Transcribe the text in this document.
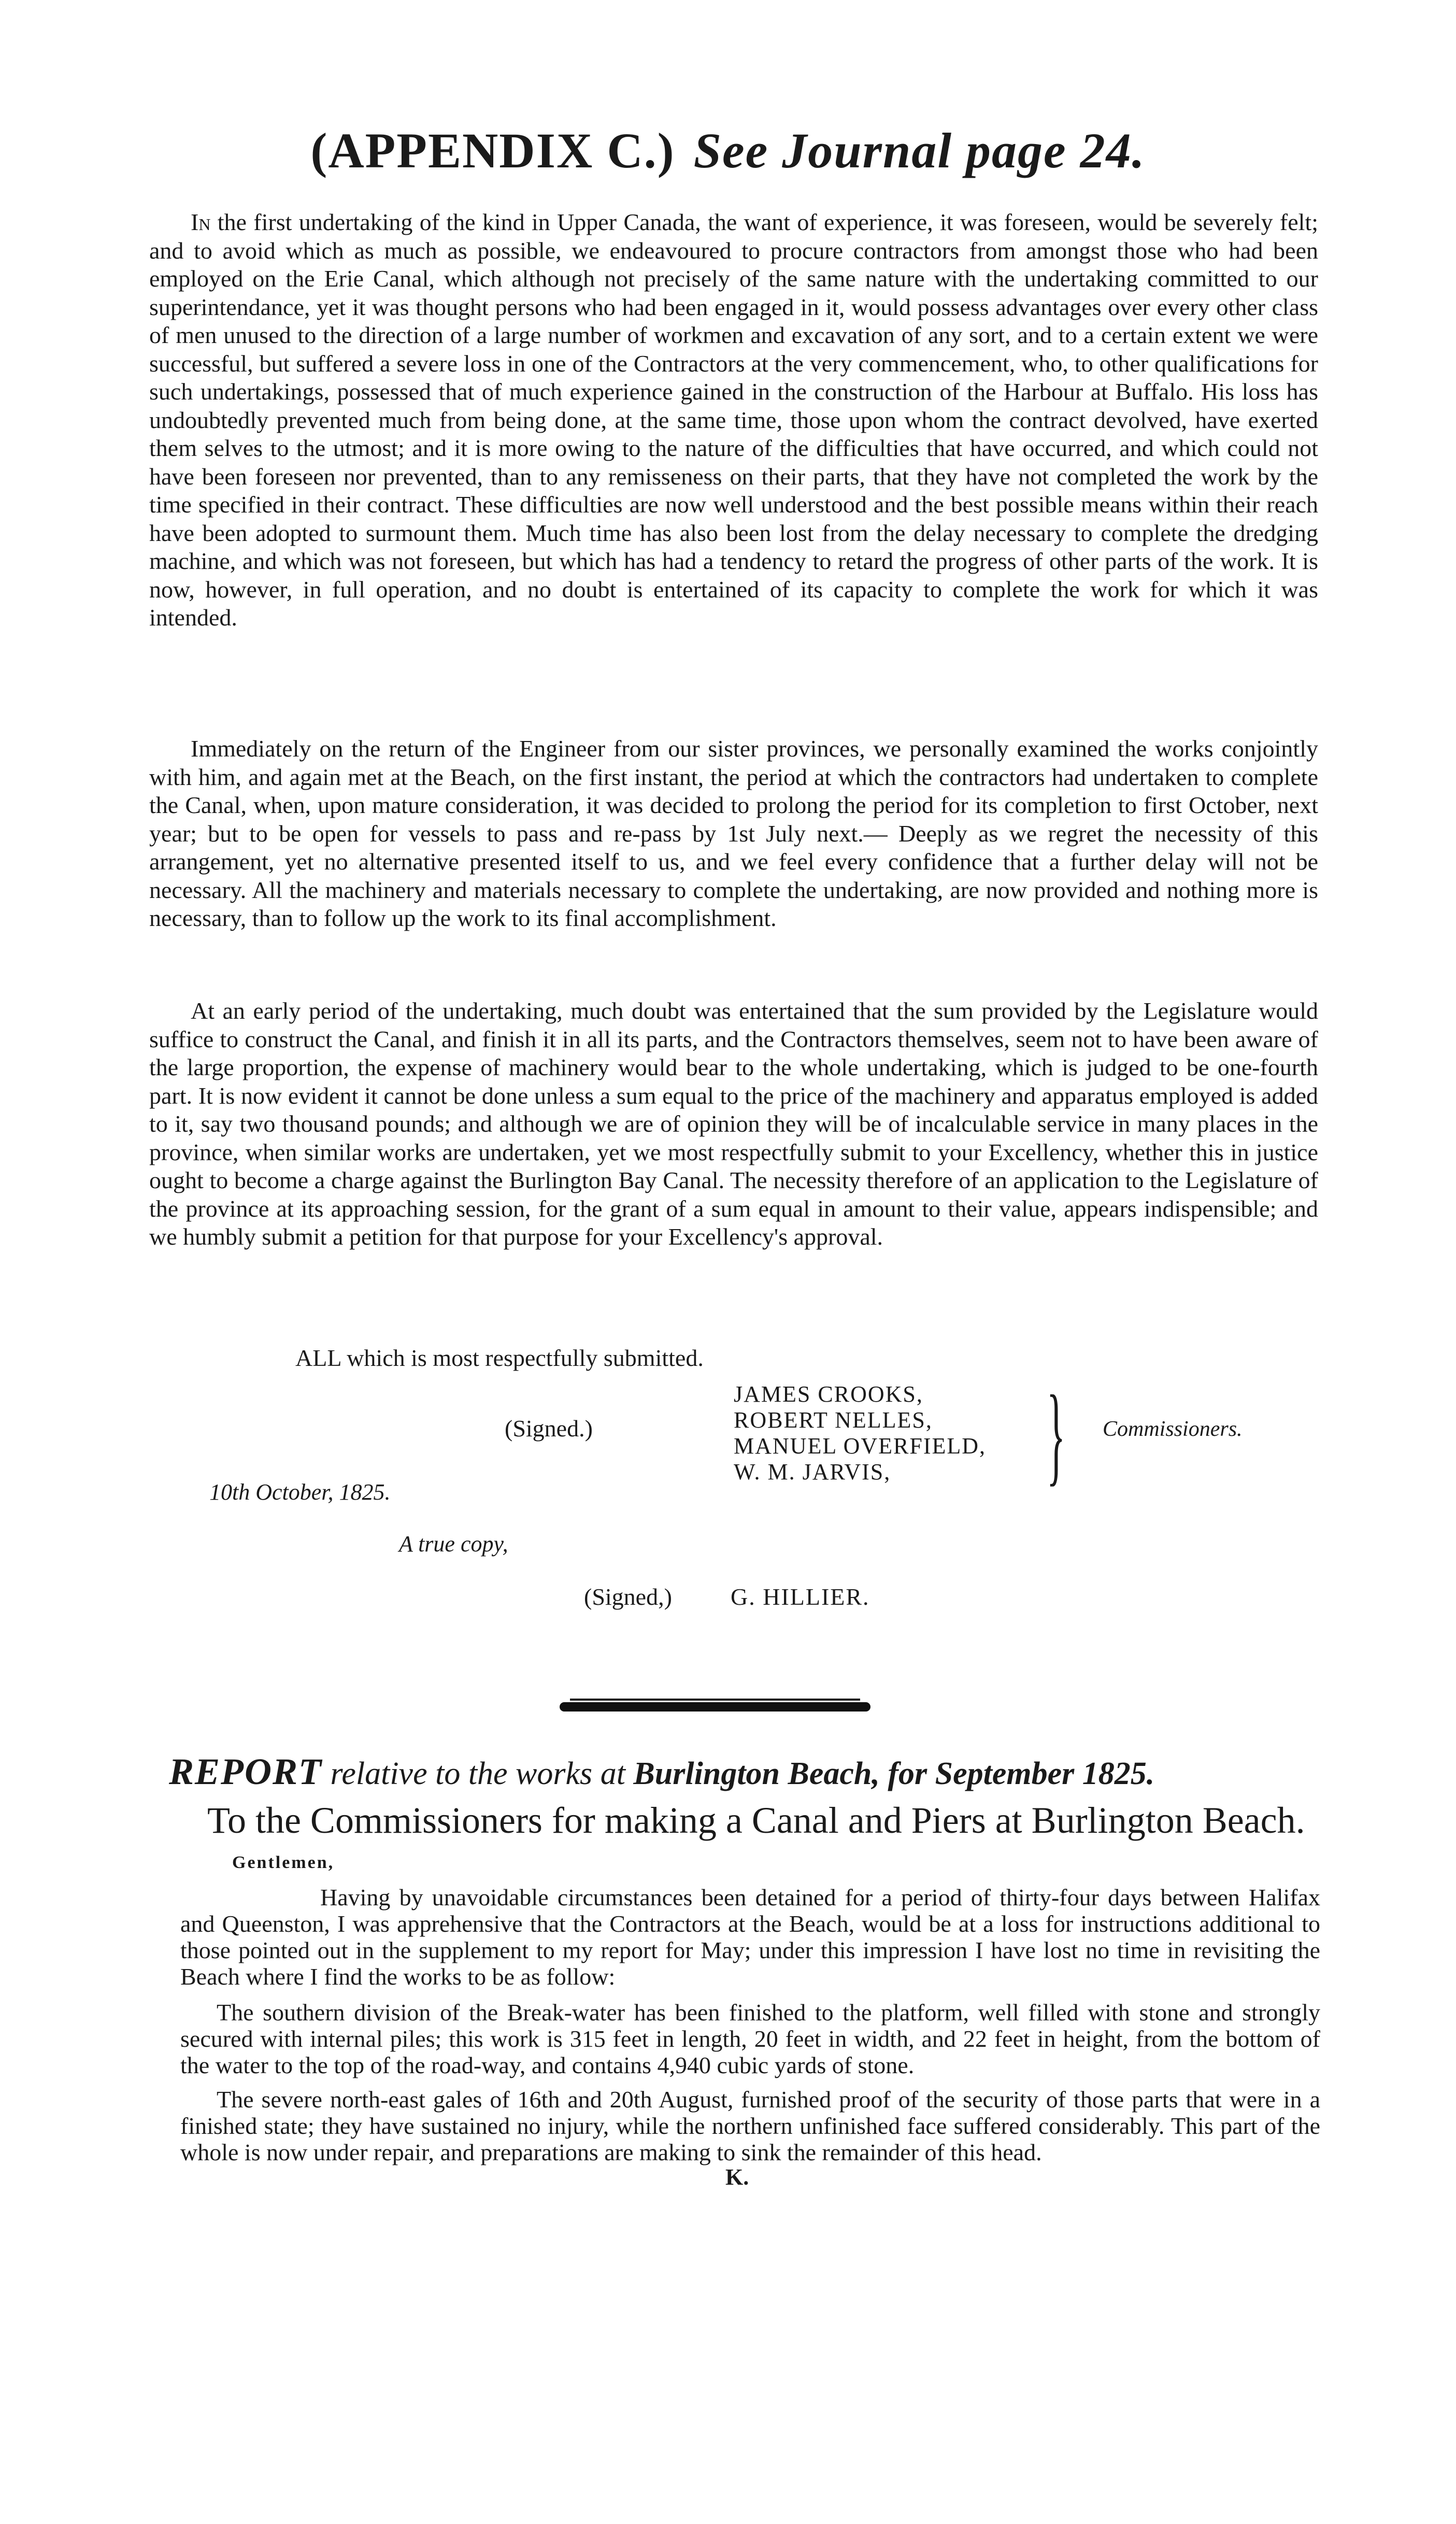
(APPENDIX C.) See Journal page 24.

In the first undertaking of the kind in Upper Canada, the want of experience, it was foreseen, would be severely felt; and to avoid which as much as possible, we endeavoured to procure contractors from amongst those who had been employed on the Erie Canal, which although not precisely of the same nature with the undertaking committed to our superintendance, yet it was thought persons who had been engaged in it, would possess advantages over every other class of men unused to the direction of a large number of workmen and excavation of any sort, and to a certain extent we were successful, but suffered a severe loss in one of the Contractors at the very commencement, who, to other qualifications for such undertakings, possessed that of much experience gained in the construction of the Harbour at Buffalo. His loss has undoubtedly prevented much from being done, at the same time, those upon whom the contract devolved, have exerted them selves to the utmost; and it is more owing to the nature of the difficulties that have occurred, and which could not have been foreseen nor prevented, than to any remisseness on their parts, that they have not completed the work by the time specified in their contract. These difficulties are now well understood and the best possible means within their reach have been adopted to surmount them. Much time has also been lost from the delay necessary to complete the dredging machine, and which was not foreseen, but which has had a tendency to retard the progress of other parts of the work. It is now, however, in full operation, and no doubt is entertained of its capacity to complete the work for which it was intended.

Immediately on the return of the Engineer from our sister provinces, we personally examined the works conjointly with him, and again met at the Beach, on the first instant, the period at which the contractors had undertaken to complete the Canal, when, upon mature consideration, it was decided to prolong the period for its completion to first October, next year; but to be open for vessels to pass and re-pass by 1st July next.— Deeply as we regret the necessity of this arrangement, yet no alternative presented itself to us, and we feel every confidence that a further delay will not be necessary. All the machinery and materials necessary to complete the undertaking, are now provided and nothing more is necessary, than to follow up the work to its final accomplishment.

At an early period of the undertaking, much doubt was entertained that the sum provided by the Legislature would suffice to construct the Canal, and finish it in all its parts, and the Contractors themselves, seem not to have been aware of the large proportion, the expense of machinery would bear to the whole undertaking, which is judged to be one-fourth part. It is now evident it cannot be done unless a sum equal to the price of the machinery and apparatus employed is added to it, say two thousand pounds; and although we are of opinion they will be of incalculable service in many places in the province, when similar works are undertaken, yet we most respectfully submit to your Excellency, whether this in justice ought to become a charge against the Burlington Bay Canal. The necessity therefore of an application to the Legislature of the province at its approaching session, for the grant of a sum equal in amount to their value, appears indispensible; and we humbly submit a petition for that purpose for your Excellency's approval.

ALL which is most respectfully submitted.
(Signed.)
JAMES CROOKS,
ROBERT NELLES,
MANUEL OVERFIELD,
W. M. JARVIS,	} Commissioners.
10th October, 1825.
A true copy,
(Signed,) G. HILLIER.
REPORT relative to the works at Burlington Beach, for September 1825.
To the Commissioners for making a Canal and Piers at Burlington Beach.
Gentlemen,

Having by unavoidable circumstances been detained for a period of thirty-four days between Halifax and Queenston, I was apprehensive that the Contractors at the Beach, would be at a loss for instructions additional to those pointed out in the supplement to my report for May; under this impression I have lost no time in revisiting the Beach where I find the works to be as follow:

The southern division of the Break-water has been finished to the platform, well filled with stone and strongly secured with internal piles; this work is 315 feet in length, 20 feet in width, and 22 feet in height, from the bottom of the water to the top of the road-way, and contains 4,940 cubic yards of stone.

The severe north-east gales of 16th and 20th August, furnished proof of the security of those parts that were in a finished state; they have sustained no injury, while the northern unfinished face suffered considerably. This part of the whole is now under repair, and preparations are making to sink the remainder of this head.

K.
